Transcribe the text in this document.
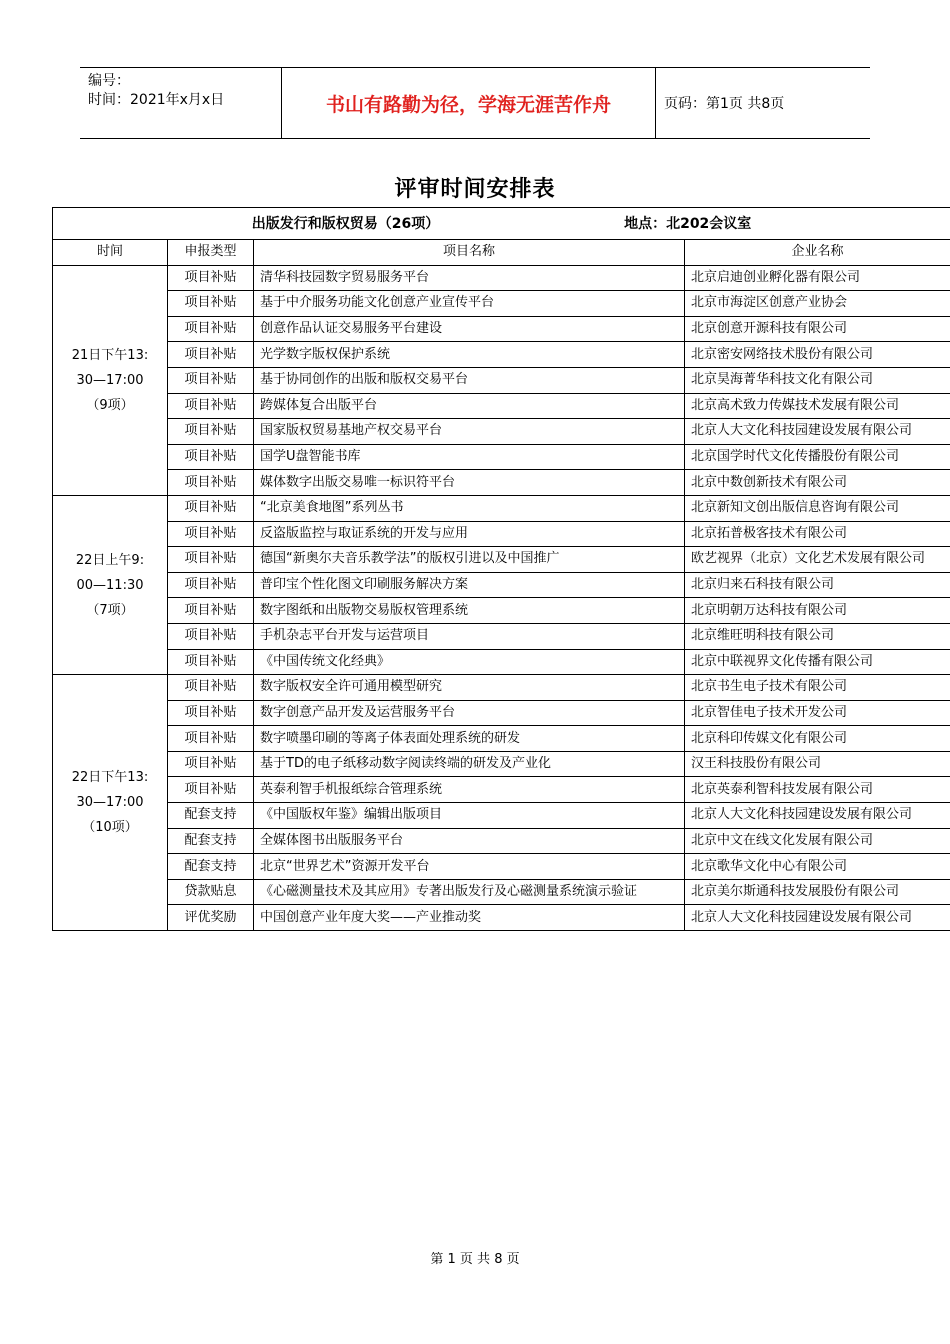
编号：
时间：2021年x月x日	书山有路勤为径，学海无涯苦作舟	页码：第1页 共8页
评审时间安排表
出版发行和版权贸易（26项） 地点：北202会议室			
时间	申报类型	项目名称	企业名称

21日下午13:
30—17:00
（9项）	项目补贴	清华科技园数字贸易服务平台	北京启迪创业孵化器有限公司
	项目补贴	基于中介服务功能文化创意产业宣传平台	北京市海淀区创意产业协会
	项目补贴	创意作品认证交易服务平台建设	北京创意开源科技有限公司
	项目补贴	光学数字版权保护系统	北京密安网络技术股份有限公司
	项目补贴	基于协同创作的出版和版权交易平台	北京昊海菁华科技文化有限公司
	项目补贴	跨媒体复合出版平台	北京高术致力传媒技术发展有限公司
	项目补贴	国家版权贸易基地产权交易平台	北京人大文化科技园建设发展有限公司
	项目补贴	国学U盘智能书库	北京国学时代文化传播股份有限公司
	项目补贴	媒体数字出版交易唯一标识符平台	北京中数创新技术有限公司

22日上午9:
00—11:30
（7项）	项目补贴	“北京美食地图”系列丛书	北京新知文创出版信息咨询有限公司
	项目补贴	反盗版监控与取证系统的开发与应用	北京拓普极客技术有限公司
	项目补贴	德国“新奥尔夫音乐教学法”的版权引进以及中国推广	欧艺视界（北京）文化艺术发展有限公司
	项目补贴	普印宝个性化图文印刷服务解决方案	北京归来石科技有限公司
	项目补贴	数字图纸和出版物交易版权管理系统	北京明朝万达科技有限公司
	项目补贴	手机杂志平台开发与运营项目	北京维旺明科技有限公司
	项目补贴	《中国传统文化经典》	北京中联视界文化传播有限公司

22日下午13:
30—17:00
（10项）	项目补贴	数字版权安全许可通用模型研究	北京书生电子技术有限公司
	项目补贴	数字创意产品开发及运营服务平台	北京智佳电子技术开发公司
	项目补贴	数字喷墨印刷的等离子体表面处理系统的研发	北京科印传媒文化有限公司
	项目补贴	基于TD的电子纸移动数字阅读终端的研发及产业化	汉王科技股份有限公司
	项目补贴	英泰利智手机报纸综合管理系统	北京英泰利智科技发展有限公司
	配套支持	《中国版权年鉴》编辑出版项目	北京人大文化科技园建设发展有限公司
	配套支持	全媒体图书出版服务平台	北京中文在线文化发展有限公司
	配套支持	北京“世界艺术”资源开发平台	北京歌华文化中心有限公司
	贷款贴息	《心磁测量技术及其应用》专著出版发行及心磁测量系统演示验证	北京美尔斯通科技发展股份有限公司
	评优奖励	中国创意产业年度大奖——产业推动奖	北京人大文化科技园建设发展有限公司
第 1 页 共 8 页
